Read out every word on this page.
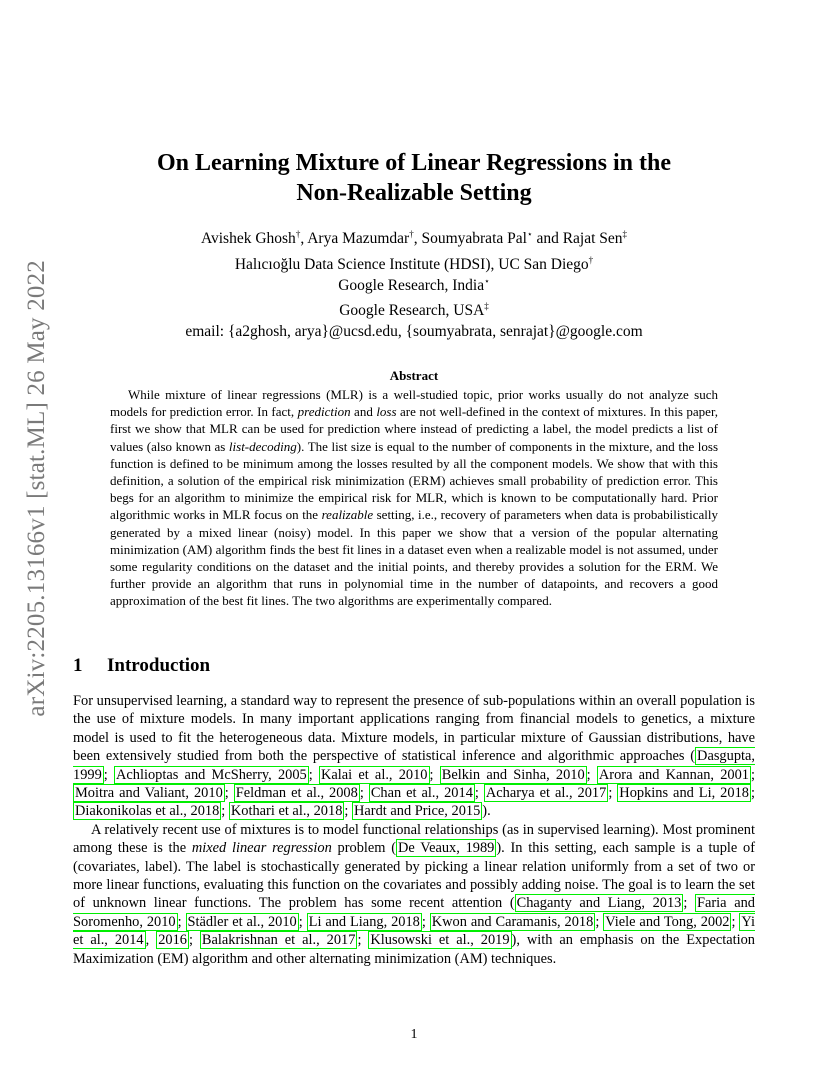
arXiv:2205.13166v1 [stat.ML] 26 May 2022
On Learning Mixture of Linear Regressions in the
Non-Realizable Setting
Avishek Ghosh†, Arya Mazumdar†, Soumyabrata Pal⋆ and Rajat Sen‡
Halıcıoğlu Data Science Institute (HDSI), UC San Diego†
Google Research, India⋆
Google Research, USA‡
email: {a2ghosh, arya}@ucsd.edu, {soumyabrata, senrajat}@google.com
Abstract
While mixture of linear regressions (MLR) is a well-studied topic, prior works usually do not analyze such models for prediction error. In fact, prediction and loss are not well-defined in the context of mixtures. In this paper, first we show that MLR can be used for prediction where instead of predicting a label, the model predicts a list of values (also known as list-decoding). The list size is equal to the number of components in the mixture, and the loss function is defined to be minimum among the losses resulted by all the component models. We show that with this definition, a solution of the empirical risk minimization (ERM) achieves small probability of prediction error. This begs for an algorithm to minimize the empirical risk for MLR, which is known to be computationally hard. Prior algorithmic works in MLR focus on the realizable setting, i.e., recovery of parameters when data is probabilistically generated by a mixed linear (noisy) model. In this paper we show that a version of the popular alternating minimization (AM) algorithm finds the best fit lines in a dataset even when a realizable model is not assumed, under some regularity conditions on the dataset and the initial points, and thereby provides a solution for the ERM. We further provide an algorithm that runs in polynomial time in the number of datapoints, and recovers a good approximation of the best fit lines. The two algorithms are experimentally compared.
1 Introduction

For unsupervised learning, a standard way to represent the presence of sub-populations within an overall population is the use of mixture models. In many important applications ranging from financial models to genetics, a mixture model is used to fit the heterogeneous data. Mixture models, in particular mixture of Gaussian distributions, have been extensively studied from both the perspective of statistical inference and algorithmic approaches ( Dasgupta, 1999 ; Achlioptas and McSherry, 2005 ; Kalai et al., 2010 ; Belkin and Sinha, 2010 ; Arora and Kannan, 2001 ; Moitra and Valiant, 2010 ; Feldman et al., 2008 ; Chan et al., 2014 ; Acharya et al., 2017 ; Hopkins and Li, 2018 ; Diakonikolas et al., 2018 ; Kothari et al., 2018 ; Hardt and Price, 2015 ).

A relatively recent use of mixtures is to model functional relationships (as in supervised learning). Most prominent among these is the mixed linear regression problem ( De Veaux, 1989 ). In this setting, each sample is a tuple of (covariates, label). The label is stochastically generated by picking a linear relation uniformly from a set of two or more linear functions, evaluating this function on the covariates and possibly adding noise. The goal is to learn the set of unknown linear functions. The problem has some recent attention ( Chaganty and Liang, 2013 ; Faria and Soromenho, 2010 ; Städler et al., 2010 ; Li and Liang, 2018 ; Kwon and Caramanis, 2018 ; Viele and Tong, 2002 ; Yi et al., 2014 , 2016 ; Balakrishnan et al., 2017 ; Klusowski et al., 2019 ), with an emphasis on the Expectation Maximization (EM) algorithm and other alternating minimization (AM) techniques.

1
